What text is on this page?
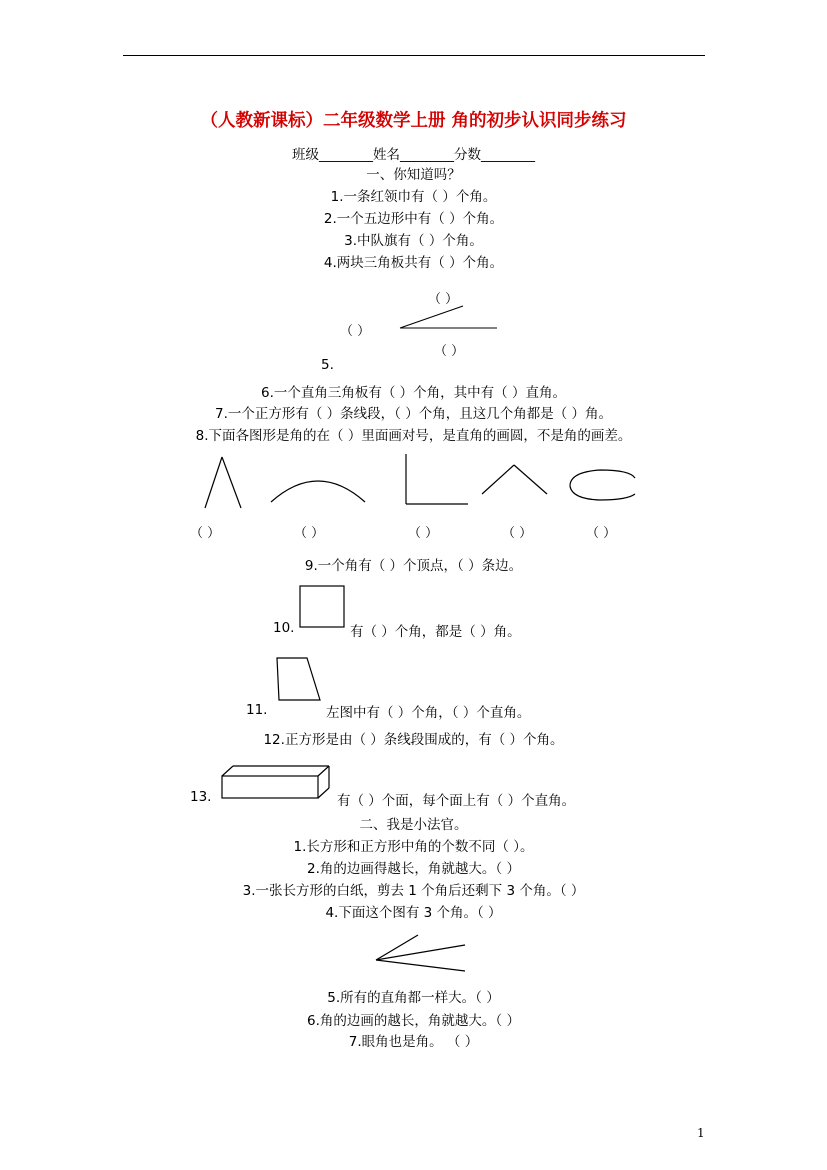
（人教新课标）二年级数学上册 角的初步认识同步练习
班级________姓名________分数________
一、你知道吗？
1.一条红领巾有（ ）个角。
2.一个五边形中有（ ）个角。
3.中队旗有（ ）个角。
4.两块三角板共有（ ）个角。
（ ）
（ ）
（ ）
5.
6.一个直角三角板有（ ）个角，其中有（ ）直角。
7.一个正方形有（ ）条线段，（ ）个角，且这几个角都是（ ）角。
8.下面各图形是角的在（ ）里面画对号，是直角的画圆，不是角的画差。
（ ）	（ ）	（ ）	（ ）	（ ）
9.一个角有（ ）个顶点，（ ）条边。
10.	有（ ）个角，都是（ ）角。
11.	左图中有（ ）个角，（ ）个直角。
12.正方形是由（ ）条线段围成的，有（ ）个角。
13.	有（ ）个面，每个面上有（ ）个直角。
二、我是小法官。
1.长方形和正方形中角的个数不同（ ）。
2.角的边画得越长，角就越大。（ ）
3.一张长方形的白纸，剪去 1 个角后还剩下 3 个角。（ ）
4.下面这个图有 3 个角。（ ）
5.所有的直角都一样大。（ ）
6.角的边画的越长，角就越大。（ ）
7.眼角也是角。 （ ）
1
